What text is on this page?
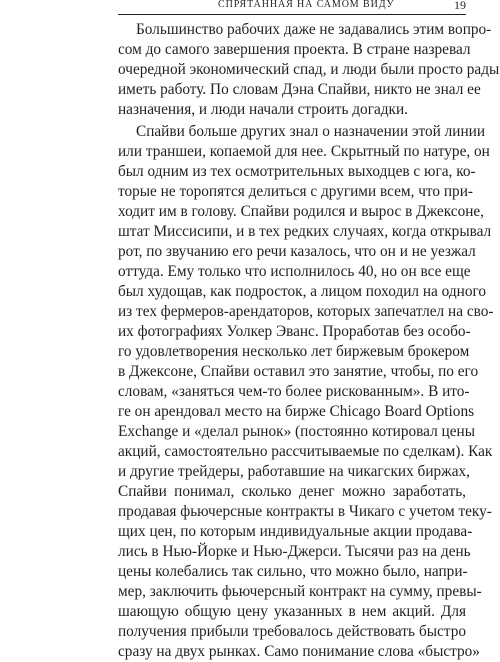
СПРЯТАННАЯ НА САМОМ ВИДУ	19
Большинство рабочих даже не задавались этим вопро-
сом до самого завершения проекта. В стране назревал
очередной экономический спад, и люди были просто рады
иметь работу. По словам Дэна Спайви, никто не знал ее
назначения, и люди начали строить догадки.
Спайви больше других знал о назначении этой линии
или траншеи, копаемой для нее. Скрытный по натуре, он
был одним из тех осмотрительных выходцев с юга, ко-
торые не торопятся делиться с другими всем, что при-
ходит им в голову. Спайви родился и вырос в Джексоне,
штат Миссисипи, и в тех редких случаях, когда открывал
рот, по звучанию его речи казалось, что он и не уезжал
оттуда. Ему только что исполнилось 40, но он все еще
был худощав, как подросток, а лицом походил на одного
из тех фермеров-арендаторов, которых запечатлел на сво-
их фотографиях Уолкер Эванс. Проработав без особо-
го удовлетворения несколько лет биржевым брокером
в Джексоне, Спайви оставил это занятие, чтобы, по его
словам, «заняться чем-то более рискованным». В ито-
ге он арендовал место на бирже Chicago Board Options
Exchange и «делал рынок» (постоянно котировал цены
акций, самостоятельно рассчитываемые по сделкам). Как
и другие трейдеры, работавшие на чикагских биржах,
Спайви понимал, сколько денег можно заработать,
продавая фьючерсные контракты в Чикаго с учетом теку-
щих цен, по которым индивидуальные акции продава-
лись в Нью-Йорке и Нью-Джерси. Тысячи раз на день
цены колебались так сильно, что можно было, напри-
мер, заключить фьючерсный контракт на сумму, превы-
шающую общую цену указанных в нем акций. Для
получения прибыли требовалось действовать быстро
сразу на двух рынках. Само понимание слова «быстро»
